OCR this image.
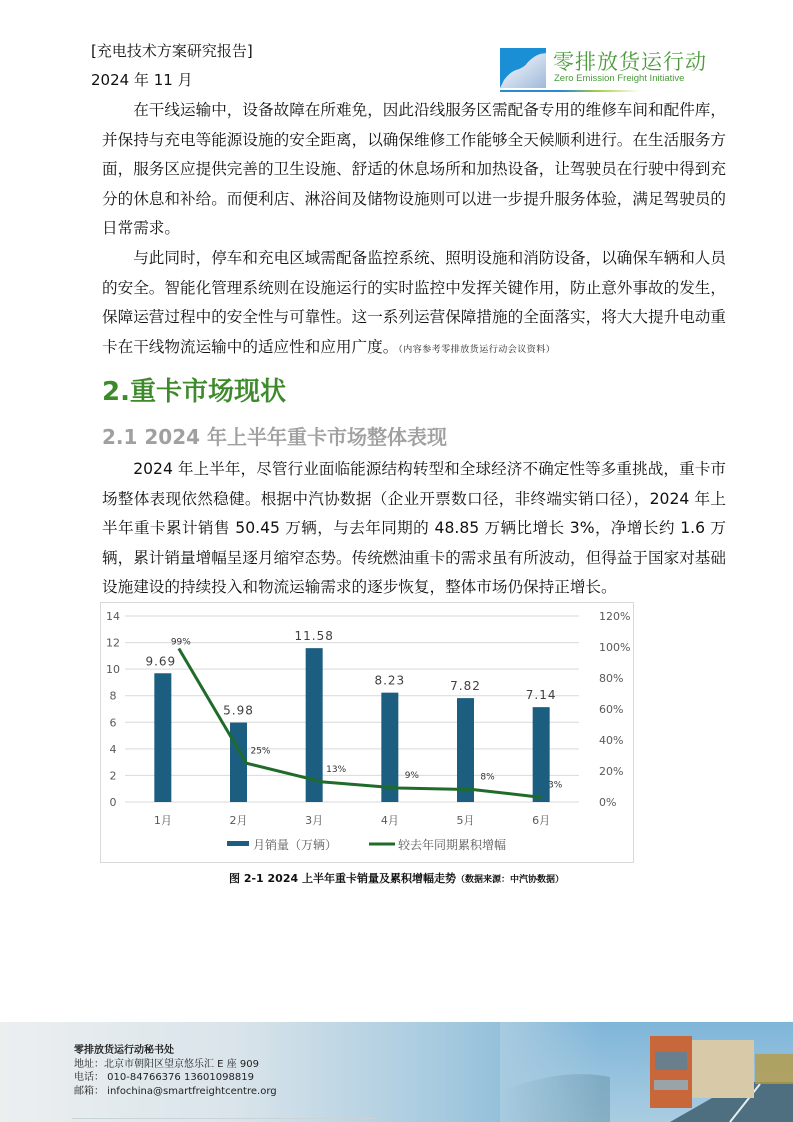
[充电技术方案研究报告]
2024 年 11 月
零排放货运行动
Zero Emission Freight Initiative

在干线运输中，设备故障在所难免，因此沿线服务区需配备专用的维修车间和配件库，并保持与充电等能源设施的安全距离，以确保维修工作能够全天候顺利进行。在生活服务方面，服务区应提供完善的卫生设施、舒适的休息场所和加热设备，让驾驶员在行驶中得到充分的休息和补给。而便利店、淋浴间及储物设施则可以进一步提升服务体验，满足驾驶员的日常需求。

与此同时，停车和充电区域需配备监控系统、照明设施和消防设备，以确保车辆和人员的安全。智能化管理系统则在设施运行的实时监控中发挥关键作用，防止意外事故的发生，保障运营过程中的安全性与可靠性。这一系列运营保障措施的全面落实，将大大提升电动重卡在干线物流运输中的适应性和应用广度。（内容参考零排放货运行动会议资料）

2.重卡市场现状
2.1 2024 年上半年重卡市场整体表现

2024 年上半年，尽管行业面临能源结构转型和全球经济不确定性等多重挑战，重卡市场整体表现依然稳健。根据中汽协数据（企业开票数口径，非终端实销口径），2024 年上半年重卡累计销售 50.45 万辆，与去年同期的 48.85 万辆比增长 3%，净增长约 1.6 万辆，累计销量增幅呈逐月缩窄态势。传统燃油重卡的需求虽有所波动，但得益于国家对基础设施建设的持续投入和物流运输需求的逐步恢复，整体市场仍保持正增长。

0
2
4
6
8
10
12
14
0%
20%
40%
60%
80%
100%
120%
9.69
5.98
11.58
8.23	7.82
7.14
99%
25%
13%
9%	8%
3%
1月	2月	3月	4月	5月	6月
月销量（万辆）	较去年同期累积增幅
图 2-1 2024 上半年重卡销量及累积增幅走势（数据来源：中汽协数据）
零排放货运行动秘书处
地址：北京市朝阳区望京悠乐汇 E 座 909
电话： 010-84766376 13601098819
邮箱： infochina@smartfreightcentre.org
